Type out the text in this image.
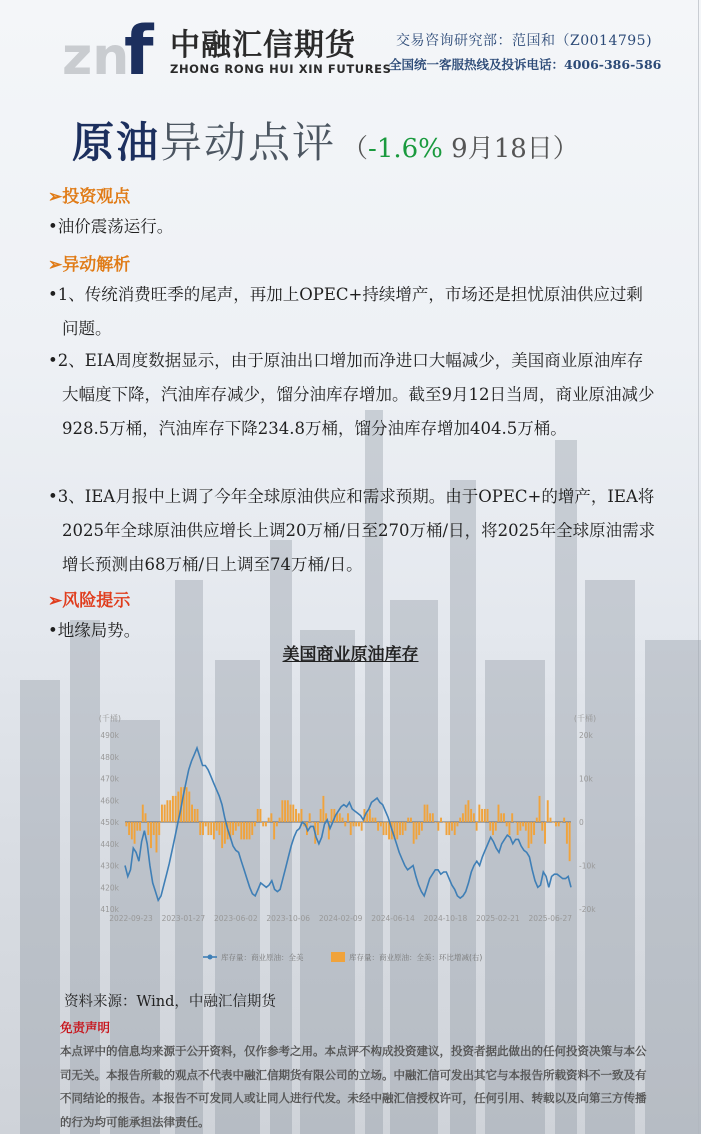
zn
f 中融汇信期货
ZHONG RONG HUI XIN FUTURES
交易咨询研究部：范国和（Z0014795)
全国统一客服热线及投诉电话：4006-386-586
原油异动点评 （-1.6% 9月18日）
➢投资观点
•油价震荡运行。
➢异动解析
•1、传统消费旺季的尾声，再加上OPEC+持续增产，市场还是担忧原油供应过剩问题。
•2、EIA周度数据显示，由于原油出口增加而净进口大幅减少，美国商业原油库存大幅度下降，汽油库存减少，馏分油库存增加。截至9月12日当周，商业原油减少928.5万桶，汽油库存下降234.8万桶，馏分油库存增加404.5万桶。
•3、IEA月报中上调了今年全球原油供应和需求预期。由于OPEC+的增产，IEA将2025年全球原油供应增长上调20万桶/日至270万桶/日，将2025年全球原油需求增长预测由68万桶/日上调至74万桶/日。
➢风险提示
•地缘局势。
美国商业原油库存
(千桶)	(千桶)
410k
420k
430k
440k
450k
460k
470k
480k
490k
-20k
-10k
0
10k
20k
2022-09-23 2023-01-27 2023-06-02 2023-10-06 2024-02-09 2024-06-14 2024-10-18 2025-02-21 2025-06-27
库存量：商业原油：全美	库存量：商业原油：全美：环比增减(右)
资料来源：Wind，中融汇信期货
免责声明
本点评中的信息均来源于公开资料，仅作参考之用。本点评不构成投资建议，投资者据此做出的任何投资决策与本公司无关。本报告所载的观点不代表中融汇信期货有限公司的立场。中融汇信可发出其它与本报告所载资料不一致及有不同结论的报告。本报告不可发同人或让同人进行代发。未经中融汇信授权许可，任何引用、转载以及向第三方传播的行为均可能承担法律责任。
